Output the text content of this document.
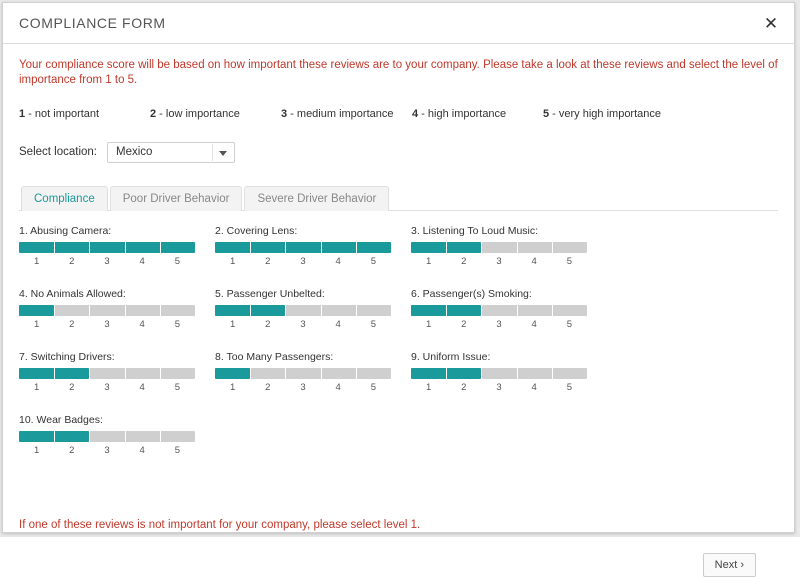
COMPLIANCE FORM	✕
Your compliance score will be based on how important these reviews are to your company. Please take a look at these reviews and select the level of importance from 1 to 5.
1 - not important	2 - low importance	3 - medium importance	4 - high importance	5 - very high importance
Select location: Mexico
Compliance	Poor Driver Behavior	Severe Driver Behavior
1. Abusing Camera:
1	2	3	4	5
2. Covering Lens:
1	2	3	4	5
3. Listening To Loud Music:
1	2	3	4	5
4. No Animals Allowed:
1	2	3	4	5
5. Passenger Unbelted:
1	2	3	4	5
6. Passenger(s) Smoking:
1	2	3	4	5
7. Switching Drivers:
1	2	3	4	5
8. Too Many Passengers:
1	2	3	4	5
9. Uniform Issue:
1	2	3	4	5
10. Wear Badges:
1	2	3	4	5
If one of these reviews is not important for your company, please select level 1.
Next ›
